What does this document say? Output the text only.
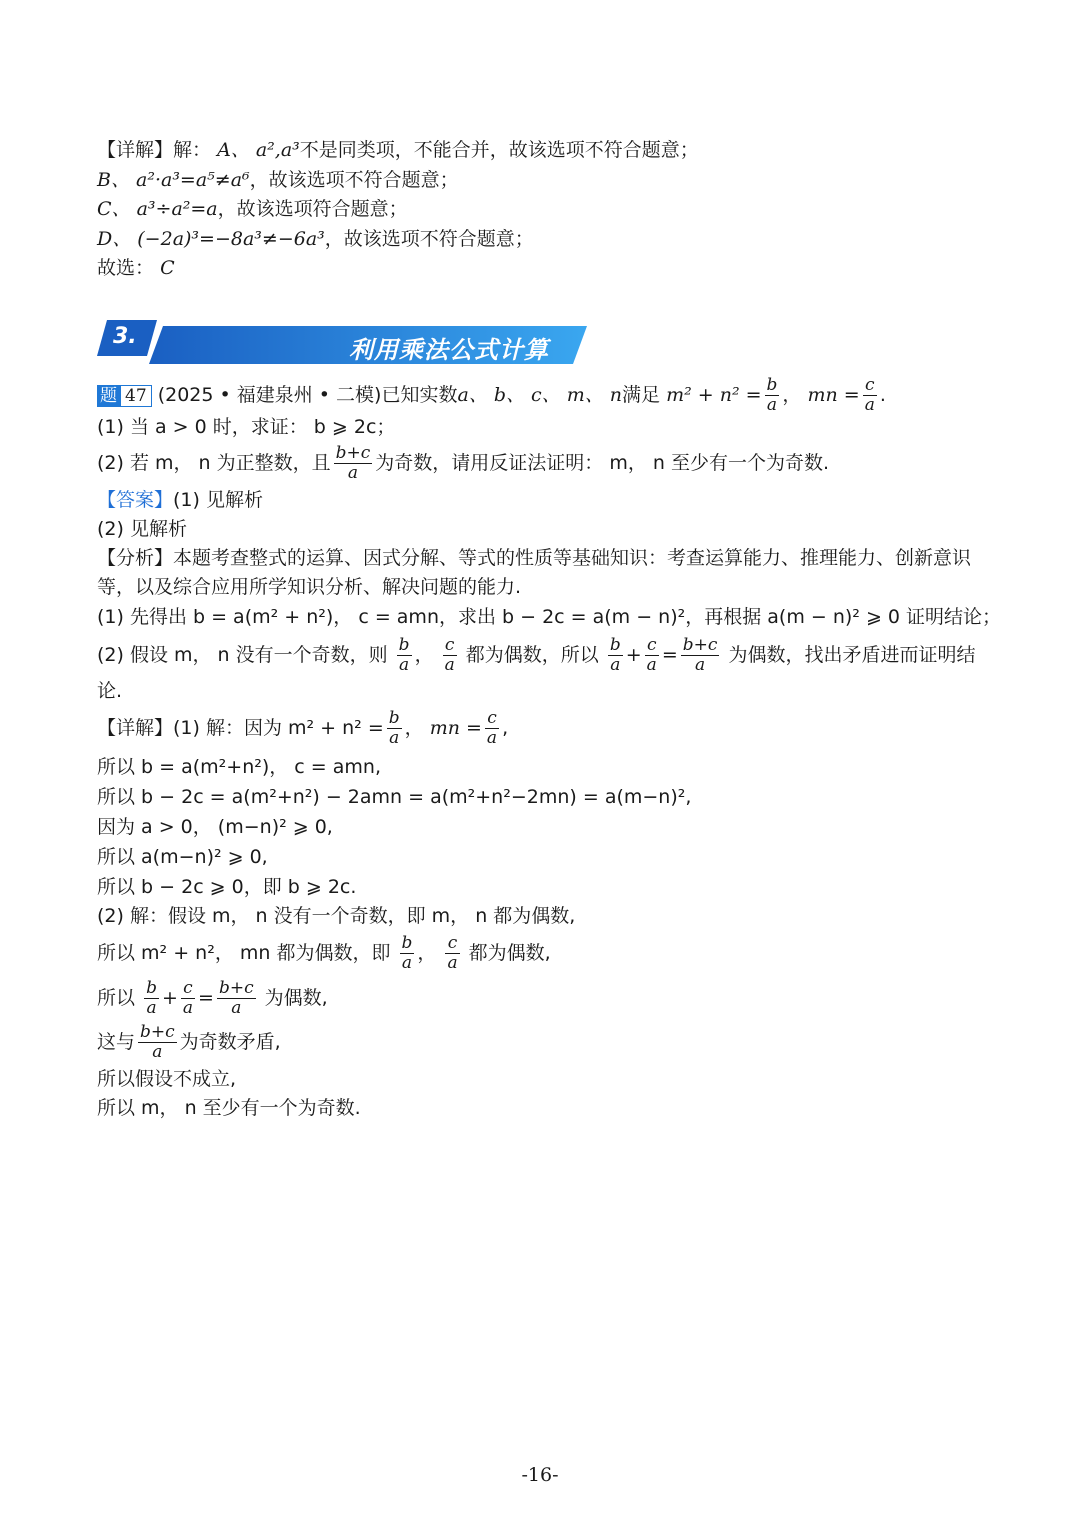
【详解】解： A、 a²,a³不是同类项，不能合并，故该选项不符合题意；
B、 a²·a³=a⁵≠a⁶，故该选项不符合题意；
C、 a³÷a²=a，故该选项符合题意；
D、 (−2a)³=−8a³≠−6a³，故该选项不符合题意；
故选： C
3.	利用乘法公式计算
题 47 (2025 • 福建泉州 • 二模)已知实数a、 b、 c、 m、 n满足 $m^2 + n^2 = \frac{b}{a}$ ， mn = $\frac{c}{a}$ .
(1) 当 a > 0 时，求证： b ⩾ 2c；
(2) 若 m， n 为正整数，且 $\frac{b+c}{a}$ 为奇数，请用反证法证明： m， n 至少有一个为奇数.
【答案】(1) 见解析
(2) 见解析
【分析】本题考查整式的运算、因式分解、等式的性质等基础知识：考查运算能力、推理能力、创新意识
等，以及综合应用所学知识分析、解决问题的能力.
(1) 先得出 b = a(m² + n²)， c = amn，求出 b − 2c = a(m − n)²，再根据 a(m − n)² ⩾ 0 证明结论；
(2) 假设 m， n 没有一个奇数，则 $\frac{b}{a}$ ， $\frac{c}{a}$ 都为偶数，所以 $\frac{b}{a} + \frac{c}{a} = \frac{b+c}{a}$ 为偶数，找出矛盾进而证明结
论.
【详解】(1) 解：因为 $m^2 + n^2 = \frac{b}{a}$ ， mn = $\frac{c}{a}$ ,
所以 b = a(m²+n²)， c = amn,
所以 b − 2c = a(m²+n²) − 2amn = a(m²+n²−2mn) = a(m−n)²,
因为 a > 0， (m−n)² ⩾ 0,
所以 a(m−n)² ⩾ 0,
所以 b − 2c ⩾ 0，即 b ⩾ 2c.
(2) 解：假设 m， n 没有一个奇数，即 m， n 都为偶数,
所以 m² + n²， mn 都为偶数，即 $\frac{b}{a}$ ， $\frac{c}{a}$ 都为偶数,
所以 $\frac{b}{a} + \frac{c}{a} = \frac{b+c}{a}$ 为偶数,
这与 $\frac{b+c}{a}$ 为奇数矛盾,
所以假设不成立,
所以 m， n 至少有一个为奇数.
-16-
